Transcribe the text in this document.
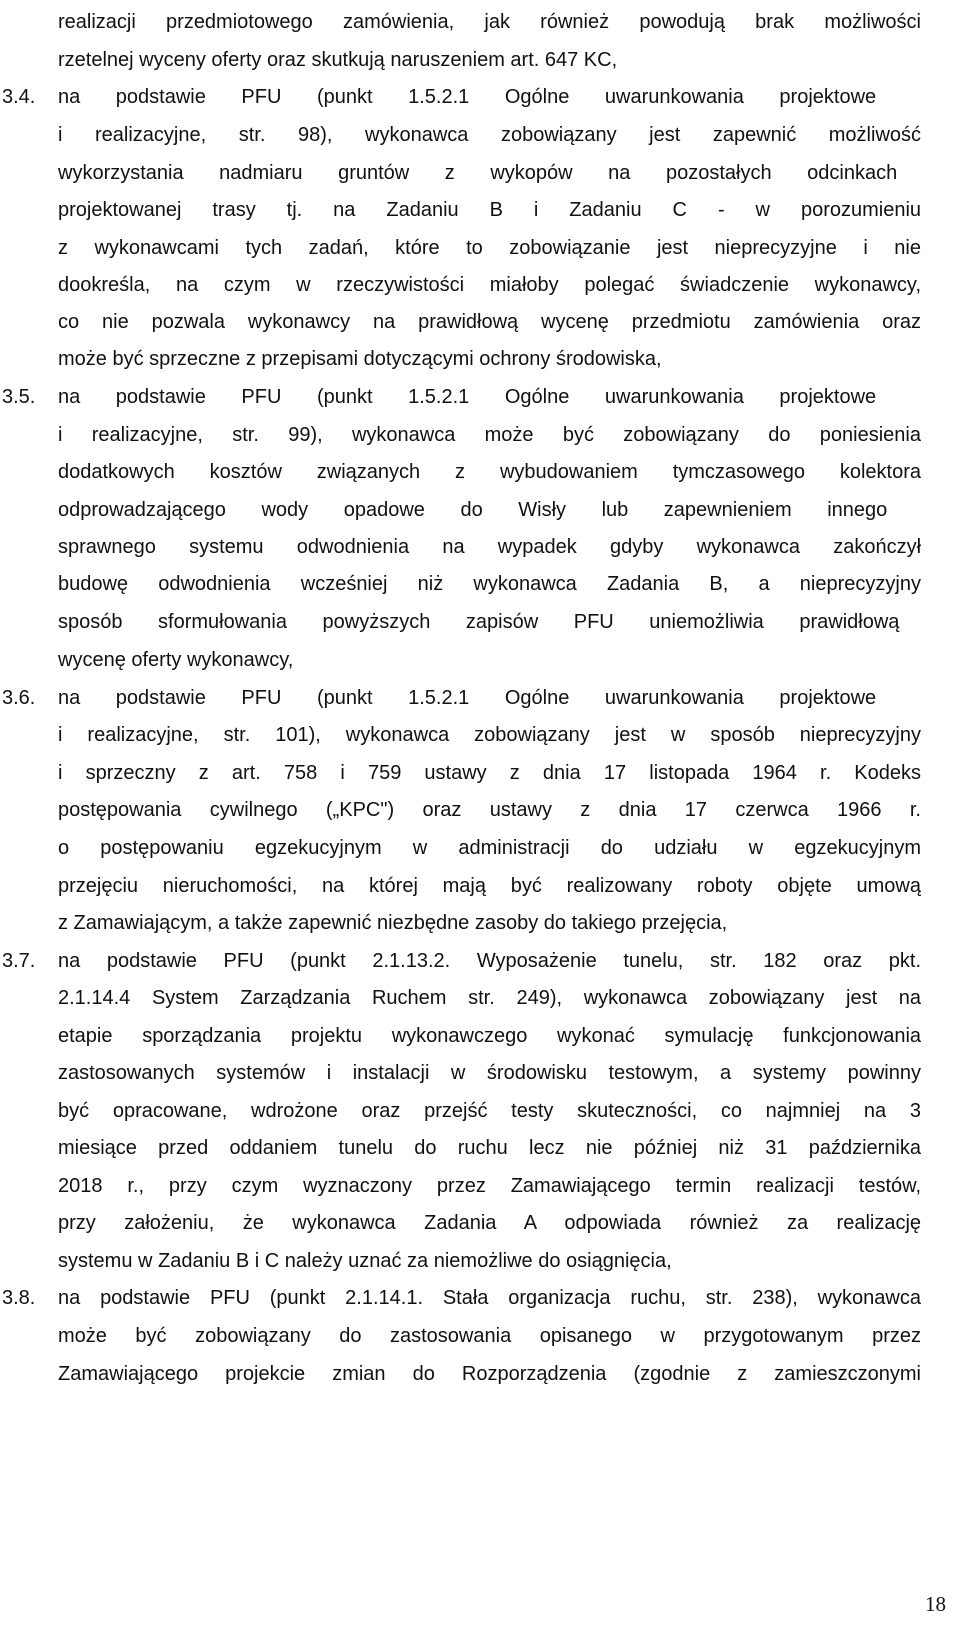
realizacji przedmiotowego zamówienia, jak również powodują brak możliwości
rzetelnej wyceny oferty oraz skutkują naruszeniem art. 647 KC,
3.4. na podstawie PFU (punkt 1.5.2.1 Ogólne uwarunkowania projektowe
i realizacyjne, str. 98), wykonawca zobowiązany jest zapewnić możliwość
wykorzystania nadmiaru gruntów z wykopów na pozostałych odcinkach
projektowanej trasy tj. na Zadaniu B i Zadaniu C - w porozumieniu
z wykonawcami tych zadań, które to zobowiązanie jest nieprecyzyjne i nie
dookreśla, na czym w rzeczywistości miałoby polegać świadczenie wykonawcy,
co nie pozwala wykonawcy na prawidłową wycenę przedmiotu zamówienia oraz
może być sprzeczne z przepisami dotyczącymi ochrony środowiska,
3.5. na podstawie PFU (punkt 1.5.2.1 Ogólne uwarunkowania projektowe
i realizacyjne, str. 99), wykonawca może być zobowiązany do poniesienia
dodatkowych kosztów związanych z wybudowaniem tymczasowego kolektora
odprowadzającego wody opadowe do Wisły lub zapewnieniem innego
sprawnego systemu odwodnienia na wypadek gdyby wykonawca zakończył
budowę odwodnienia wcześniej niż wykonawca Zadania B, a nieprecyzyjny
sposób sformułowania powyższych zapisów PFU uniemożliwia prawidłową
wycenę oferty wykonawcy,
3.6. na podstawie PFU (punkt 1.5.2.1 Ogólne uwarunkowania projektowe
i realizacyjne, str. 101), wykonawca zobowiązany jest w sposób nieprecyzyjny
i sprzeczny z art. 758 i 759 ustawy z dnia 17 listopada 1964 r. Kodeks
postępowania cywilnego („KPC") oraz ustawy z dnia 17 czerwca 1966 r.
o postępowaniu egzekucyjnym w administracji do udziału w egzekucyjnym
przejęciu nieruchomości, na której mają być realizowany roboty objęte umową
z Zamawiającym, a także zapewnić niezbędne zasoby do takiego przejęcia,
3.7. na podstawie PFU (punkt 2.1.13.2. Wyposażenie tunelu, str. 182 oraz pkt.
2.1.14.4 System Zarządzania Ruchem str. 249), wykonawca zobowiązany jest na
etapie sporządzania projektu wykonawczego wykonać symulację funkcjonowania
zastosowanych systemów i instalacji w środowisku testowym, a systemy powinny
być opracowane, wdrożone oraz przejść testy skuteczności, co najmniej na 3
miesiące przed oddaniem tunelu do ruchu lecz nie później niż 31 października
2018 r., przy czym wyznaczony przez Zamawiającego termin realizacji testów,
przy założeniu, że wykonawca Zadania A odpowiada również za realizację
systemu w Zadaniu B i C należy uznać za niemożliwe do osiągnięcia,
3.8. na podstawie PFU (punkt 2.1.14.1. Stała organizacja ruchu, str. 238), wykonawca
może być zobowiązany do zastosowania opisanego w przygotowanym przez
Zamawiającego projekcie zmian do Rozporządzenia (zgodnie z zamieszczonymi
18
